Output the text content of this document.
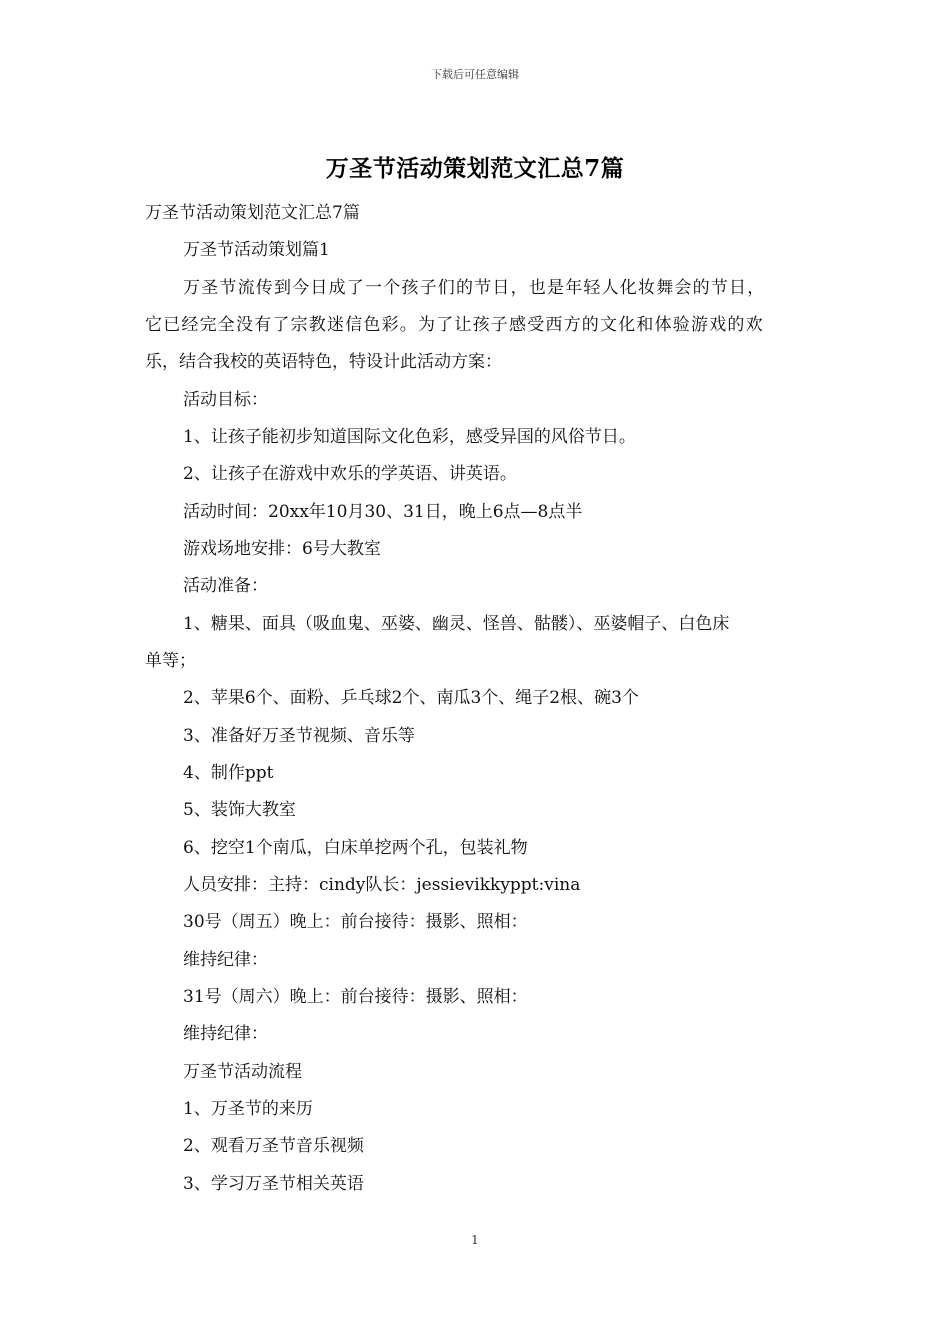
下载后可任意编辑
万圣节活动策划范文汇总7篇
万圣节活动策划范文汇总7篇
万圣节活动策划篇1
万圣节流传到今日成了一个孩子们的节日，也是年轻人化妆舞会的节日，
它已经完全没有了宗教迷信色彩。为了让孩子感受西方的文化和体验游戏的欢
乐，结合我校的英语特色，特设计此活动方案：
活动目标：
1、让孩子能初步知道国际文化色彩，感受异国的风俗节日。
2、让孩子在游戏中欢乐的学英语、讲英语。
活动时间：20xx年10月30、31日，晚上6点—8点半
游戏场地安排：6号大教室
活动准备：
1、糖果、面具（吸血鬼、巫婆、幽灵、怪兽、骷髅）、巫婆帽子、白色床
单等；
2、苹果6个、面粉、乒乓球2个、南瓜3个、绳子2根、碗3个
3、准备好万圣节视频、音乐等
4、制作ppt
5、装饰大教室
6、挖空1个南瓜，白床单挖两个孔，包装礼物
人员安排：主持：cindy队长：jessievikkyppt:vina
30号（周五）晚上：前台接待：摄影、照相：
维持纪律：
31号（周六）晚上：前台接待：摄影、照相：
维持纪律：
万圣节活动流程
1、万圣节的来历
2、观看万圣节音乐视频
3、学习万圣节相关英语
1
